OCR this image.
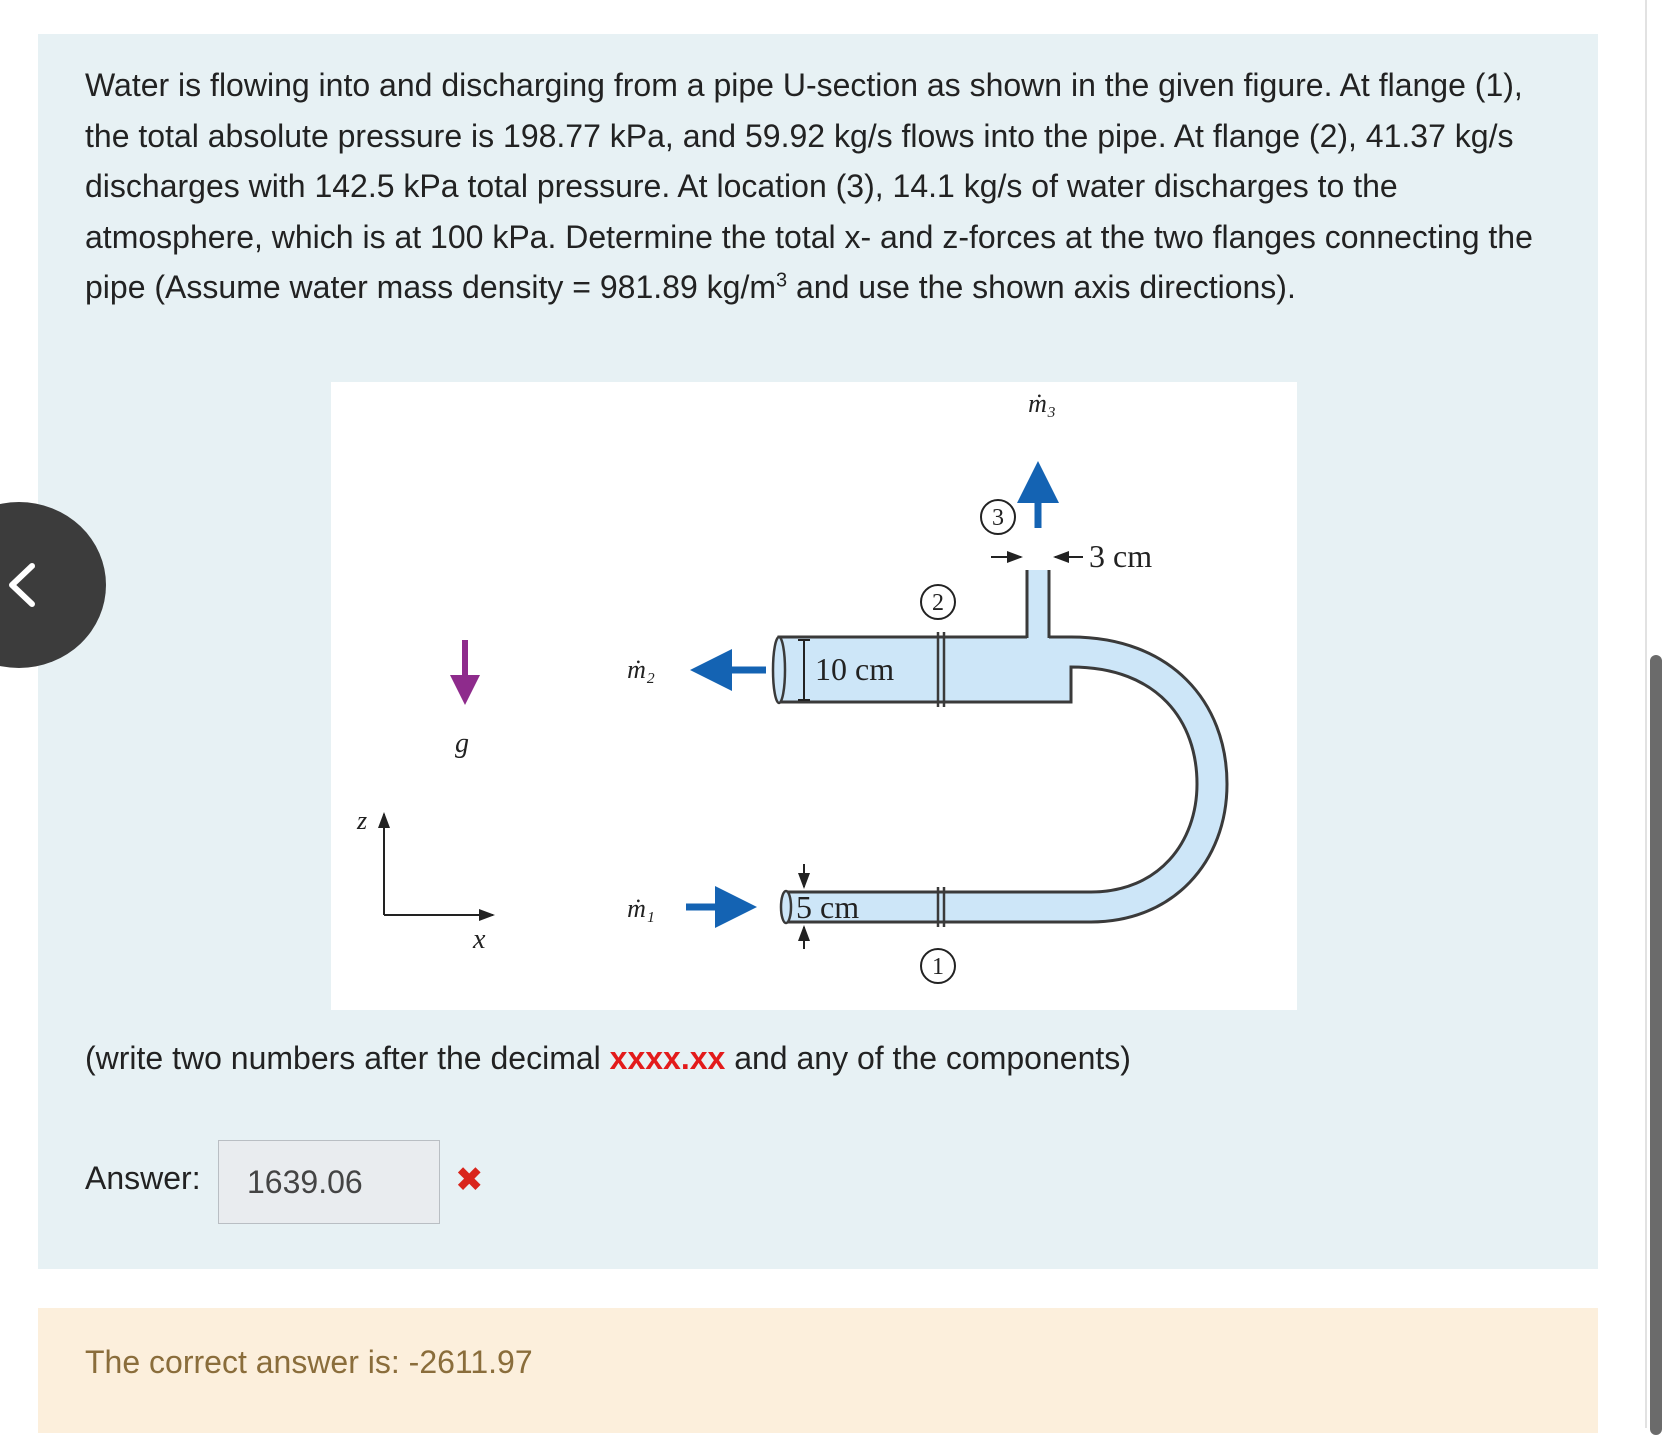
Water is flowing into and discharging from a pipe U-section as shown in the given figure. At flange (1), the total absolute pressure is 198.77 kPa, and 59.92 kg/s flows into the pipe. At flange (2), 41.37 kg/s discharges with 142.5 kPa total pressure. At location (3), 14.1 kg/s of water discharges to the atmosphere, which is at 100 kPa. Determine the total x- and z-forces at the two flanges connecting the pipe (Assume water mass density = 981.89 $kg/m^3$ and use the shown axis directions).
3
2
1
ṁ₃
ṁ₂
ṁ₁
3 cm
10 cm
5 cm
g
z
x
(write two numbers after the decimal xxxx.xx and any of the components)
Answer:
1639.06	✖
The correct answer is: -2611.97
